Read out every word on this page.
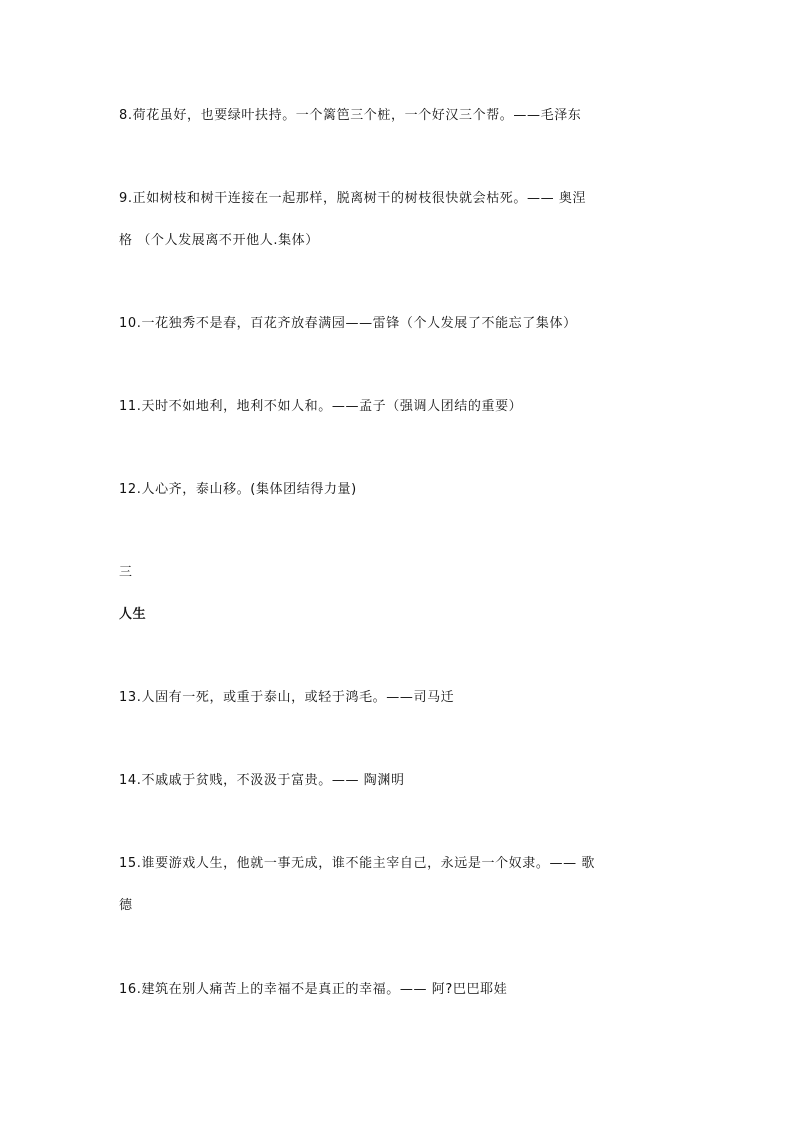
8.荷花虽好，也要绿叶扶持。一个篱笆三个桩，一个好汉三个帮。——毛泽东
9.正如树枝和树干连接在一起那样，脱离树干的树枝很快就会枯死。—— 奥涅
格 （个人发展离不开他人.集体）
10.一花独秀不是春，百花齐放春满园——雷锋（个人发展了不能忘了集体）
11.天时不如地利，地利不如人和。——孟子（强调人团结的重要）
12.人心齐，泰山移。(集体团结得力量)
三
人生
13.人固有一死，或重于泰山，或轻于鸿毛。——司马迁
14.不戚戚于贫贱，不汲汲于富贵。—— 陶渊明
15.谁要游戏人生，他就一事无成，谁不能主宰自己，永远是一个奴隶。—— 歌
德
16.建筑在别人痛苦上的幸福不是真正的幸福。—— 阿?巴巴耶娃
